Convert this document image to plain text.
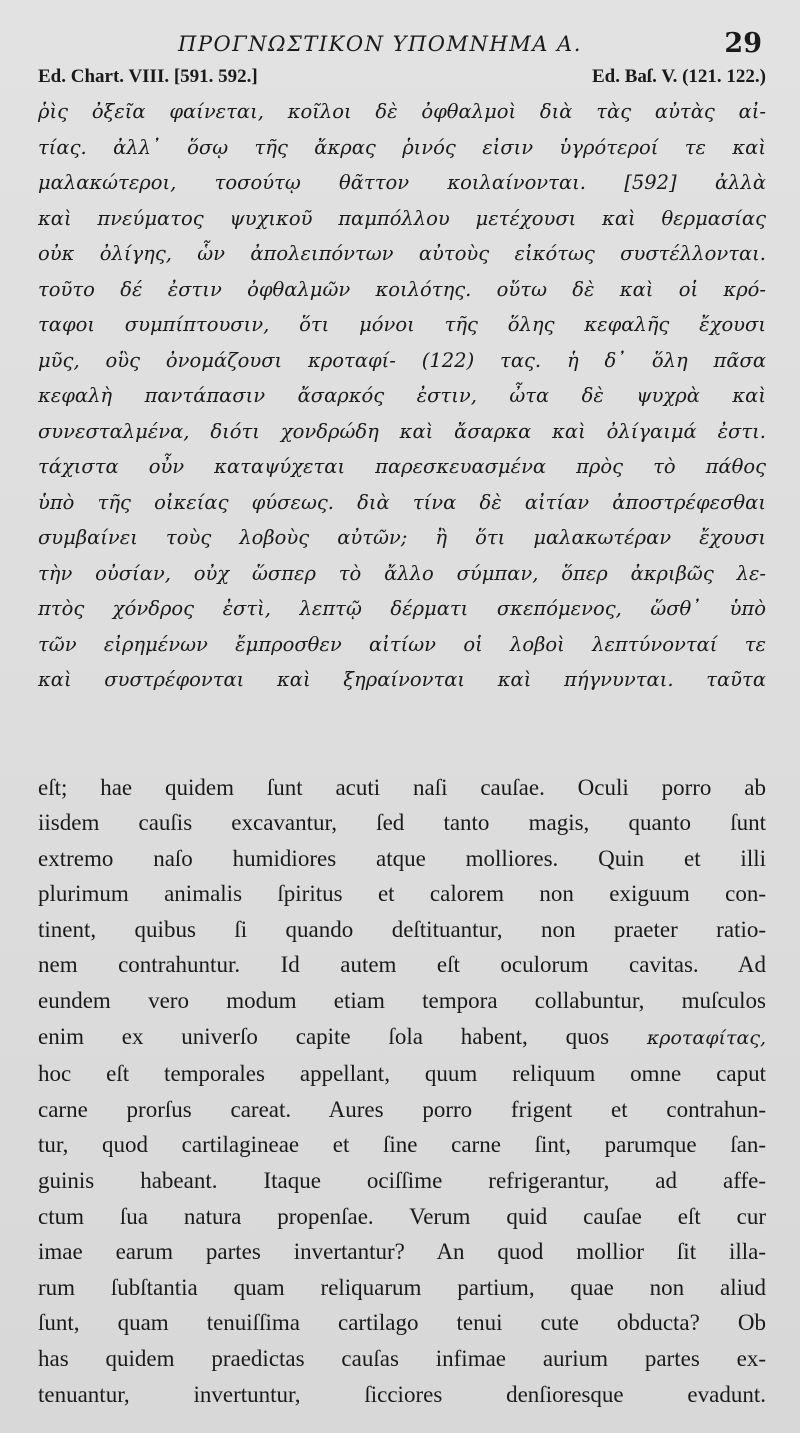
ΠΡΟΓΝΩΣΤΙΚΟΝ ΥΠΟΜΝΗΜΑ Α.	29
Ed. Chart. VIII. [591. 592.]	Ed. Baſ. V. (121. 122.)
ῥὶς ὀξεῖα φαίνεται, κοῖλοι δὲ ὀφθαλμοὶ διὰ τὰς αὐτὰς αἰ-
τίας. ἀλλ᾽ ὅσῳ τῆς ἄκρας ῥινός εἰσιν ὑγρότεροί τε καὶ
μαλακώτεροι, τοσούτῳ θᾶττον κοιλαίνονται. [592] ἀλλὰ
καὶ πνεύματος ψυχικοῦ παμπόλλου μετέχουσι καὶ θερμασίας
οὐκ ὀλίγης, ὧν ἀπολειπόντων αὐτοὺς εἰκότως συστέλλονται.
τοῦτο δέ ἐστιν ὀφθαλμῶν κοιλότης. οὕτω δὲ καὶ οἱ κρό-
ταφοι συμπίπτουσιν, ὅτι μόνοι τῆς ὅλης κεφαλῆς ἔχουσι
μῦς, οὓς ὀνομάζουσι κροταφί- (122) τας. ἡ δ᾽ ὅλη πᾶσα
κεφαλὴ παντάπασιν ἄσαρκός ἐστιν, ὦτα δὲ ψυχρὰ καὶ
συνεσταλμένα, διότι χονδρώδη καὶ ἄσαρκα καὶ ὀλίγαιμά ἐστι.
τάχιστα οὖν καταψύχεται παρεσκευασμένα πρὸς τὸ πάθος
ὑπὸ τῆς οἰκείας φύσεως. διὰ τίνα δὲ αἰτίαν ἀποστρέφεσθαι
συμβαίνει τοὺς λοβοὺς αὐτῶν; ἢ ὅτι μαλακωτέραν ἔχουσι
τὴν οὐσίαν, οὐχ ὥσπερ τὸ ἄλλο σύμπαν, ὅπερ ἀκριβῶς λε-
πτὸς χόνδρος ἐστὶ, λεπτῷ δέρματι σκεπόμενος, ὥσθ᾽ ὑπὸ
τῶν εἰρημένων ἔμπροσθεν αἰτίων οἱ λοβοὶ λεπτύνονταί τε
καὶ συστρέφονται καὶ ξηραίνονται καὶ πήγνυνται. ταῦτα
eſt; hae quidem ſunt acuti naſi cauſae. Oculi porro ab
iisdem cauſis excavantur, ſed tanto magis, quanto ſunt
extremo naſo humidiores atque molliores. Quin et illi
plurimum animalis ſpiritus et calorem non exiguum con-
tinent, quibus ſi quando deſtituantur, non praeter ratio-
nem contrahuntur. Id autem eſt oculorum cavitas. Ad
eundem vero modum etiam tempora collabuntur, muſculos
enim ex univerſo capite ſola habent, quos κροταφίτας,
hoc eſt temporales appellant, quum reliquum omne caput
carne prorſus careat. Aures porro frigent et contrahun-
tur, quod cartilagineae et ſine carne ſint, parumque ſan-
guinis habeant. Itaque ociſſime refrigerantur, ad affe-
ctum ſua natura propenſae. Verum quid cauſae eſt cur
imae earum partes invertantur? An quod mollior ſit illa-
rum ſubſtantia quam reliquarum partium, quae non aliud
ſunt, quam tenuiſſima cartilago tenui cute obducta? Ob
has quidem praedictas cauſas infimae aurium partes ex-
tenuantur, invertuntur, ſicciores denſioresque evadunt.
